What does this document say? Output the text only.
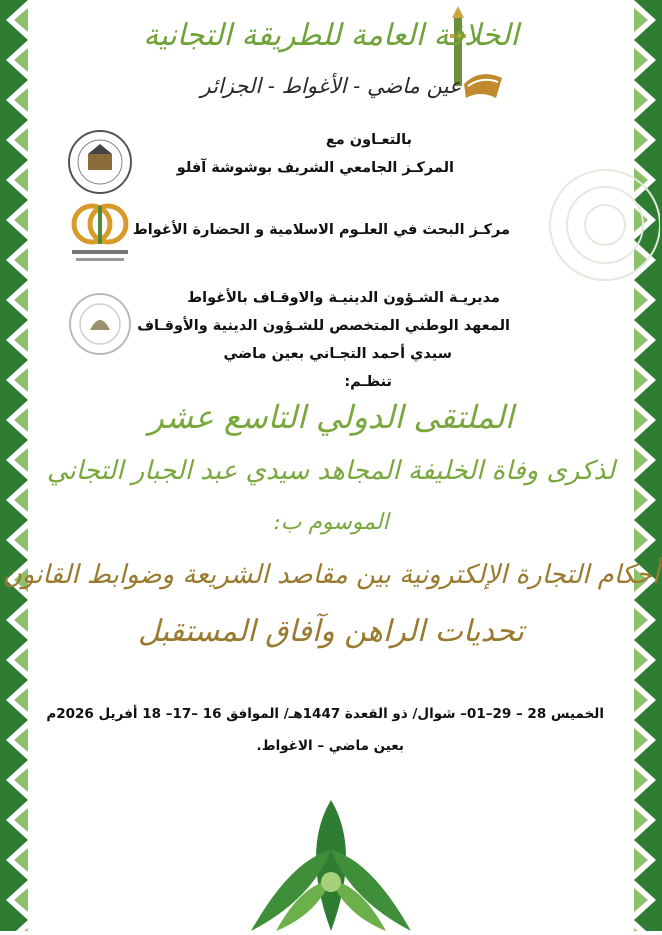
الخلافة العامة للطريقة التجانية
عين ماضي - الأغواط - الجزائر
بالتعـاون مع
المركـز الجامعي الشريف بوشوشة آفلو
مركـز البحث في العلـوم الاسلامية و الحضارة الأغواط
مديريـة الشـؤون الدينيـة والاوقـاف بالأغواط
المعهد الوطني المتخصص للشـؤون الدينية والأوقـاف
سيدي أحمد التجـاني بعين ماضي
تنظـم:
الملتقى الدولي التاسع عشر
لذكرى وفاة الخليفة المجاهد سيدي عبد الجبار التجاني
الموسوم ب:
أحكام التجارة الإلكترونية بين مقاصد الشريعة وضوابط القانون
تحديات الراهن وآفاق المستقبل
الخميس 28 – 29–01– شوال/ ذو القعدة 1447هـ/ الموافق 16 –17– 18 أفريل 2026م
بعين ماضي – الاغواط.
